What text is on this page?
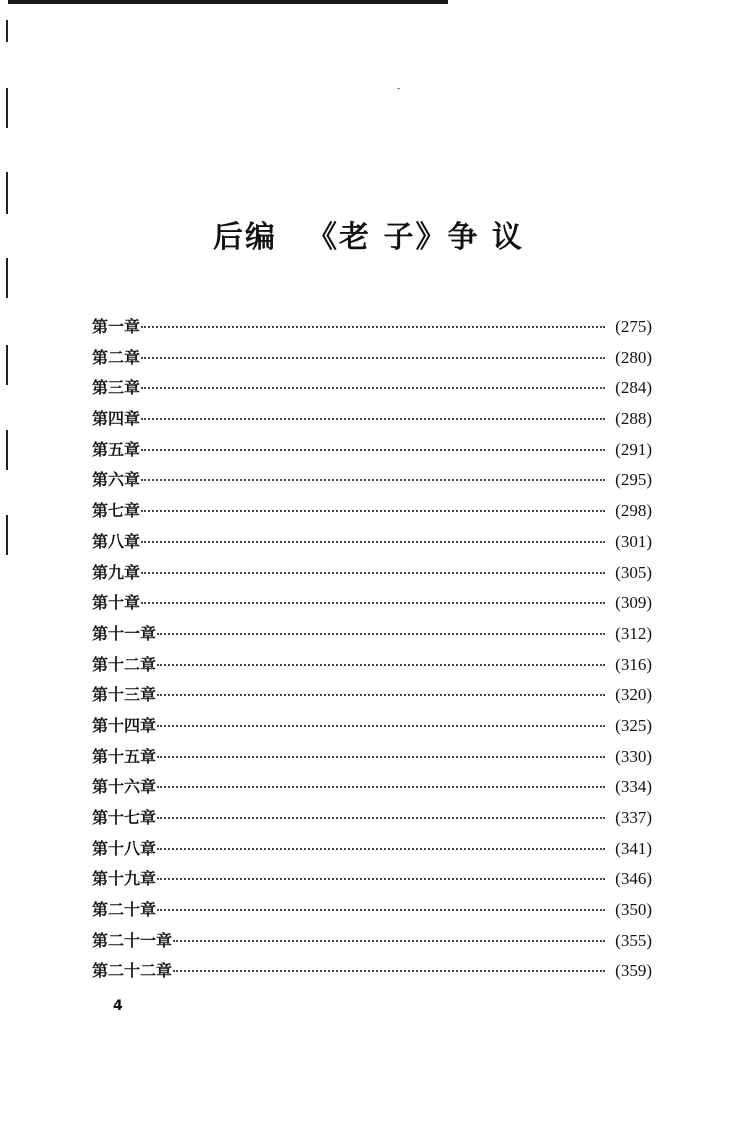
后编 《老 子》争 议
第一章	(275)
第二章	(280)
第三章	(284)
第四章	(288)
第五章	(291)
第六章	(295)
第七章	(298)
第八章	(301)
第九章	(305)
第十章	(309)
第十一章	(312)
第十二章	(316)
第十三章	(320)
第十四章	(325)
第十五章	(330)
第十六章	(334)
第十七章	(337)
第十八章	(341)
第十九章	(346)
第二十章	(350)
第二十一章	(355)
第二十二章	(359)
4
